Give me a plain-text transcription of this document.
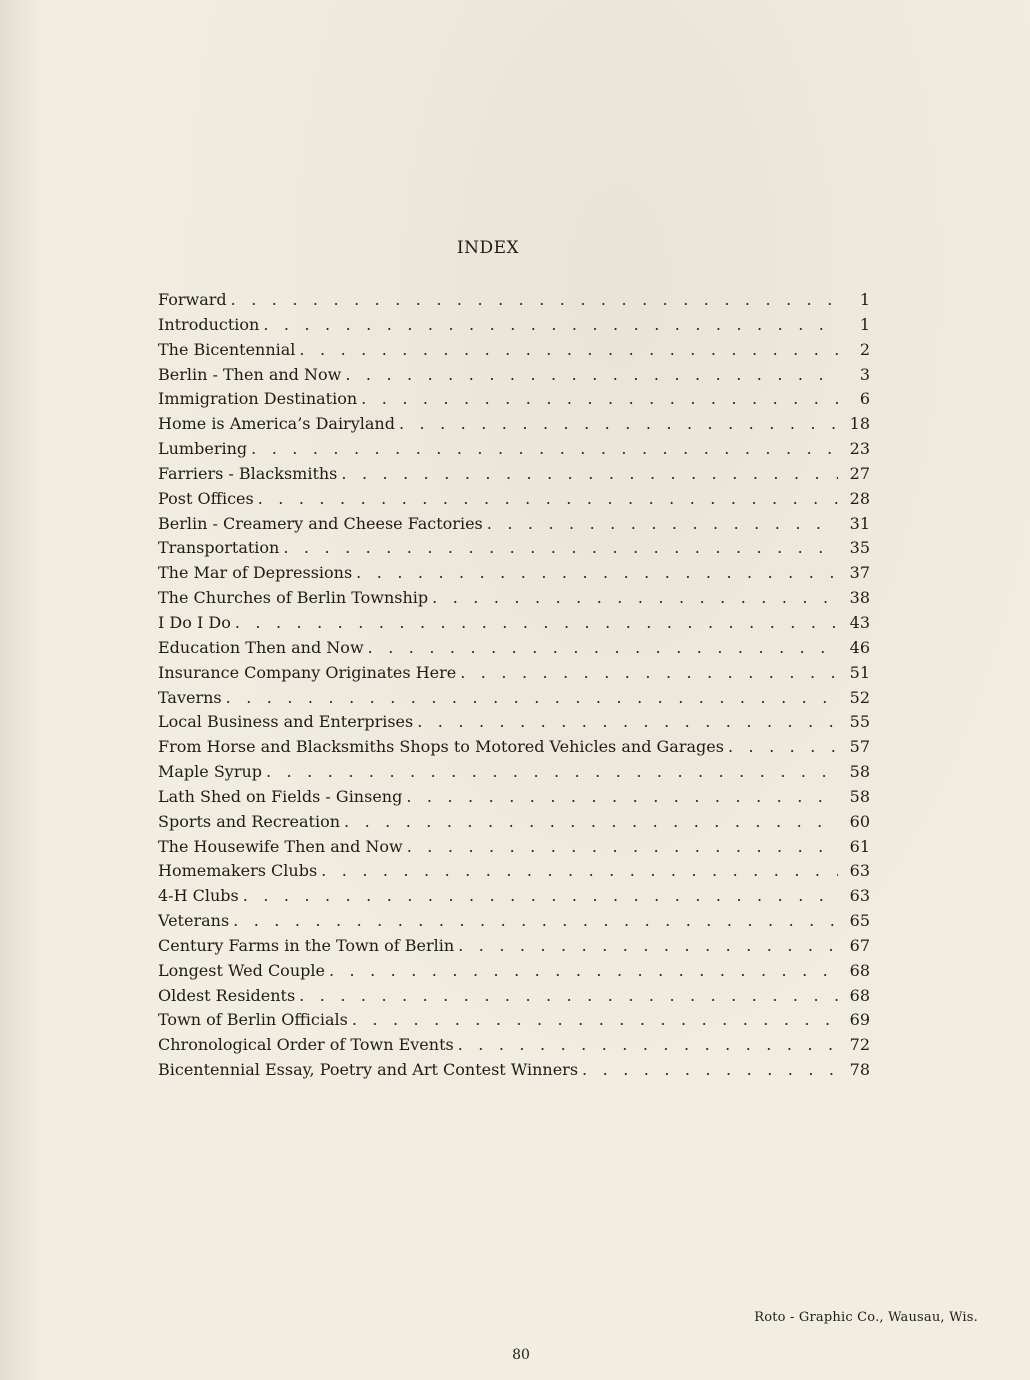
INDEX
Forward . . .	1
Introduction . . .	1
The Bicentennial . . .	2
Berlin - Then and Now . . .	3
Immigration Destination . . .	6
Home is America’s Dairyland . . .	18
Lumbering . . .	23
Farriers - Blacksmiths . . .	27
Post Offices . . .	28
Berlin - Creamery and Cheese Factories . . .	31
Transportation . . .	35
The Mar of Depressions . . .	37
The Churches of Berlin Township . . .	38
I Do I Do . . .	43
Education Then and Now . . .	46
Insurance Company Originates Here . . .	51
Taverns . . .	52
Local Business and Enterprises . . .	55
From Horse and Blacksmiths Shops to Motored Vehicles and Garages . . .	57
Maple Syrup . . .	58
Lath Shed on Fields - Ginseng . . .	58
Sports and Recreation . . .	60
The Housewife Then and Now . . .	61
Homemakers Clubs . . .	63
4-H Clubs . . .	63
Veterans . . .	65
Century Farms in the Town of Berlin . . .	67
Longest Wed Couple . . .	68
Oldest Residents . . .	68
Town of Berlin Officials . . .	69
Chronological Order of Town Events . . .	72
Bicentennial Essay, Poetry and Art Contest Winners . . .	78
Roto - Graphic Co., Wausau, Wis.
80
